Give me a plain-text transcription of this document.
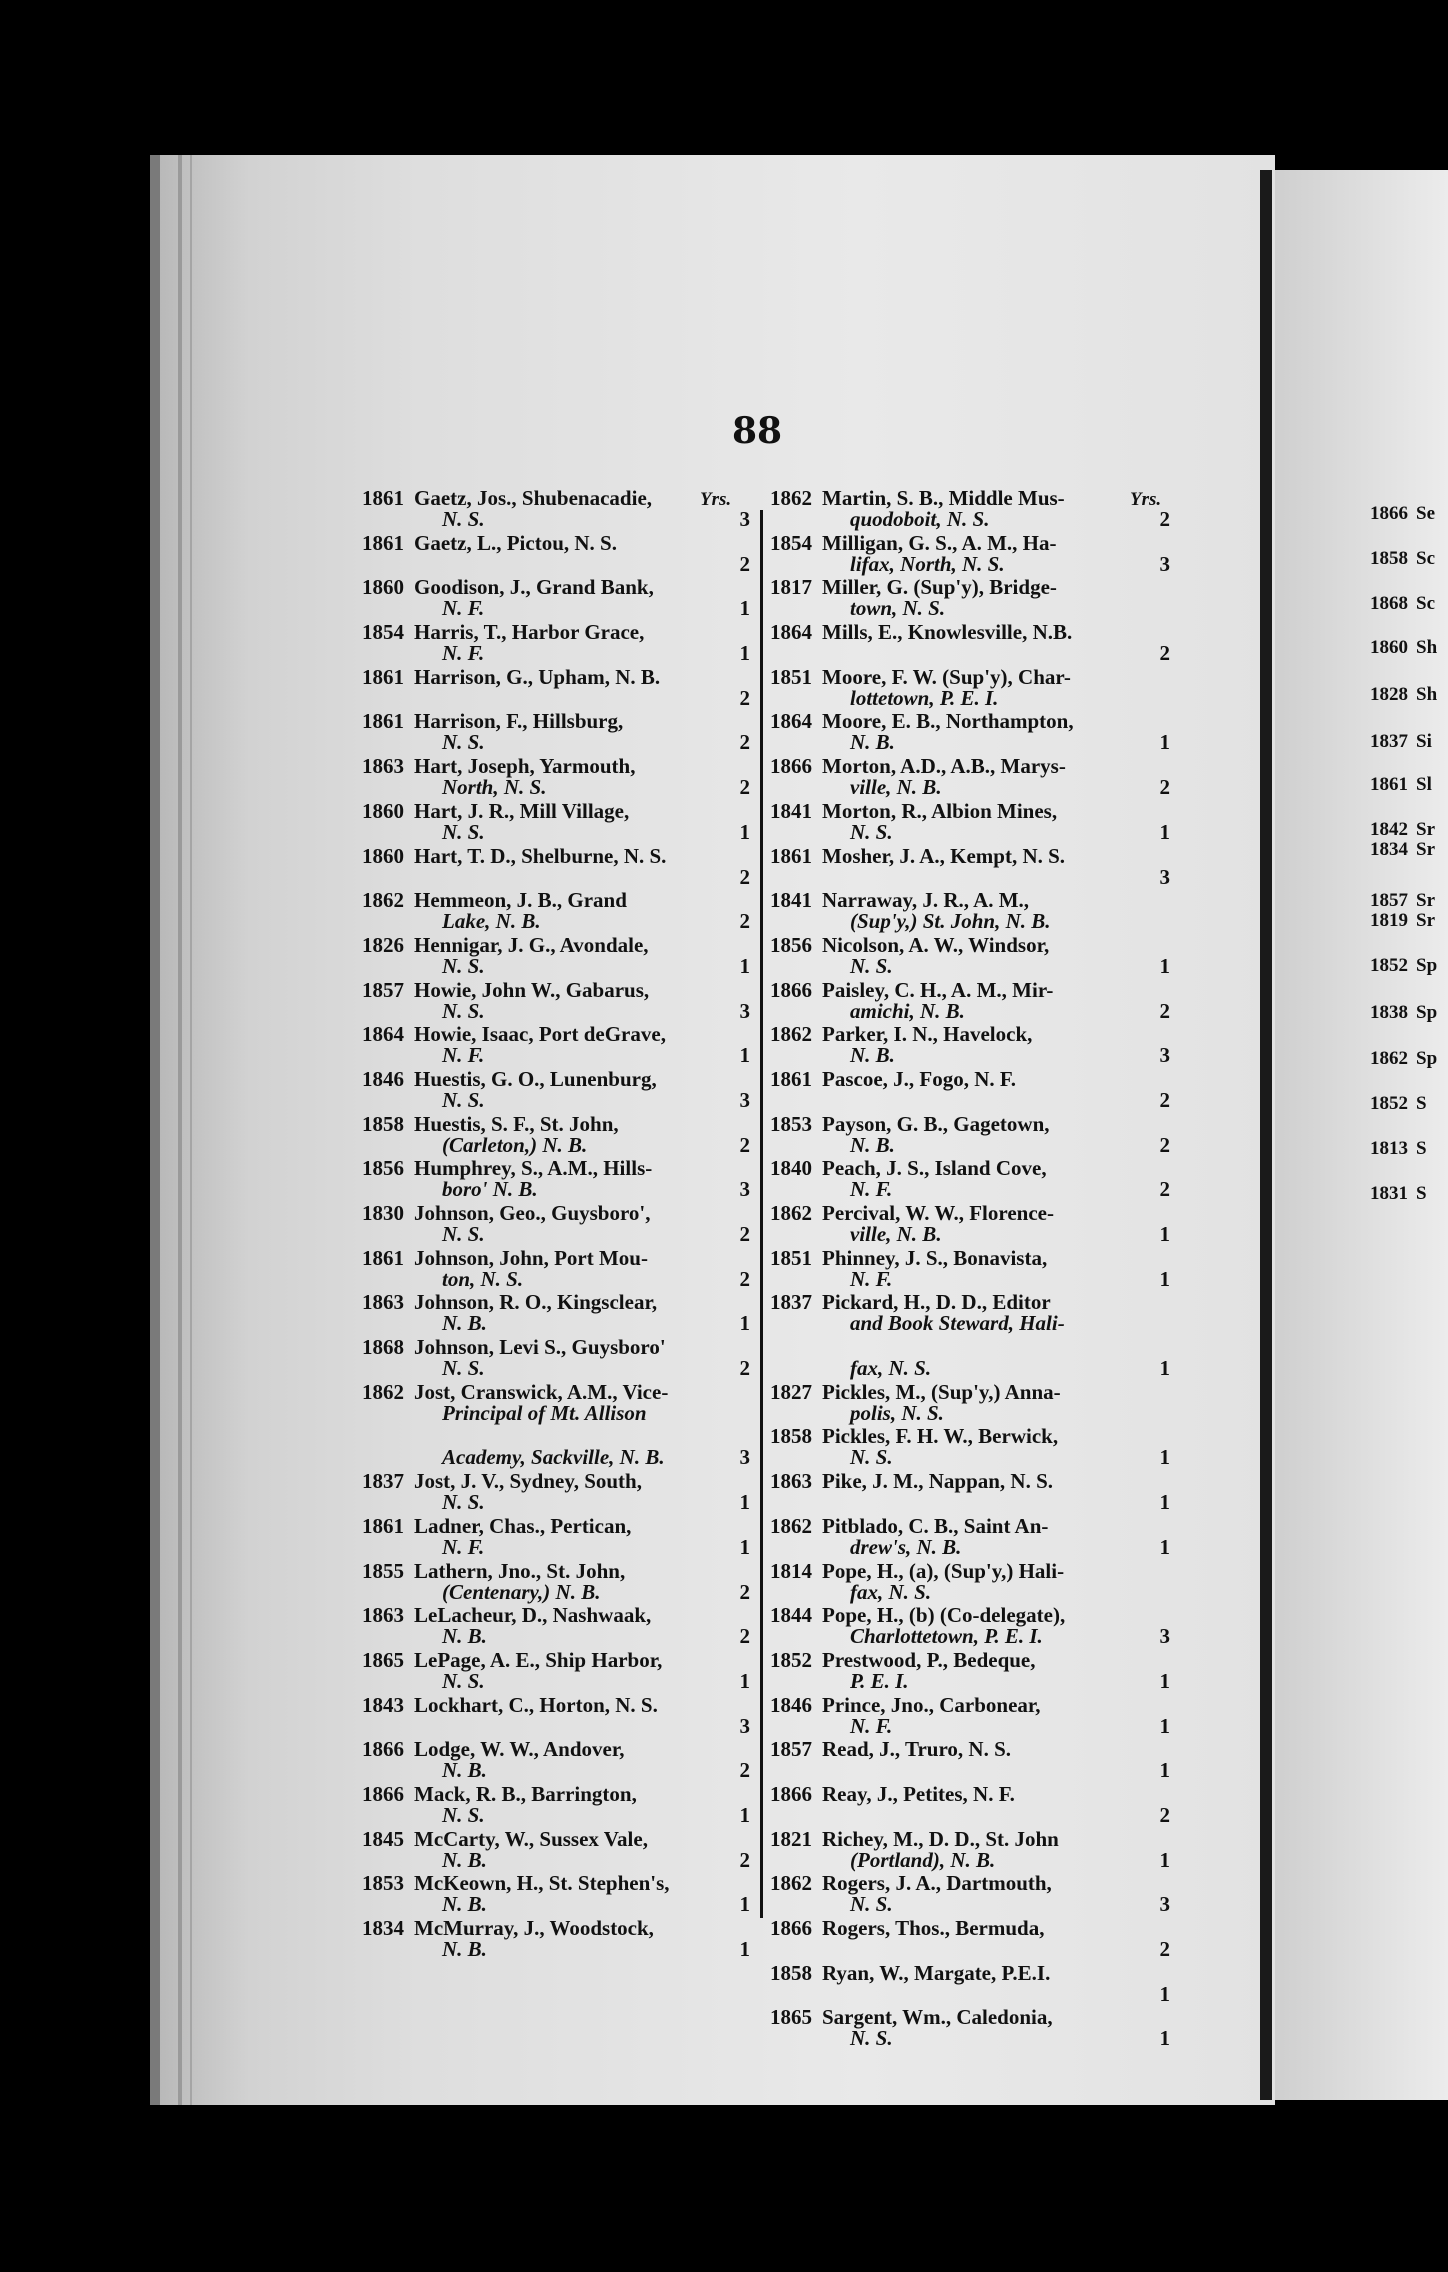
88
Yrs.	Yrs.
1861 Gaetz, Jos., Shubenacadie,
N. S.	3
1861 Gaetz, L., Pictou, N. S.
2
1860 Goodison, J., Grand Bank,
N. F.	1
1854 Harris, T., Harbor Grace,
N. F.	1
1861 Harrison, G., Upham, N. B.
2
1861 Harrison, F., Hillsburg,
N. S.	2
1863 Hart, Joseph, Yarmouth,
North, N. S.	2
1860 Hart, J. R., Mill Village,
N. S.	1
1860 Hart, T. D., Shelburne, N. S.
2
1862 Hemmeon, J. B., Grand
Lake, N. B.	2
1826 Hennigar, J. G., Avondale,
N. S.	1
1857 Howie, John W., Gabarus,
N. S.	3
1864 Howie, Isaac, Port deGrave,
N. F.	1
1846 Huestis, G. O., Lunenburg,
N. S.	3
1858 Huestis, S. F., St. John,
(Carleton,) N. B.	2
1856 Humphrey, S., A.M., Hills-
boro' N. B.	3
1830 Johnson, Geo., Guysboro',
N. S.	2
1861 Johnson, John, Port Mou-
ton, N. S.	2
1863 Johnson, R. O., Kingsclear,
N. B.	1
1868 Johnson, Levi S., Guysboro'
N. S.	2
1862 Jost, Cranswick, A.M., Vice-
Principal of Mt. Allison
Academy, Sackville, N. B.	3
1837 Jost, J. V., Sydney, South,
N. S.	1
1861 Ladner, Chas., Pertican,
N. F.	1
1855 Lathern, Jno., St. John,
(Centenary,) N. B.	2
1863 LeLacheur, D., Nashwaak,
N. B.	2
1865 LePage, A. E., Ship Harbor,
N. S.	1
1843 Lockhart, C., Horton, N. S.
3
1866 Lodge, W. W., Andover,
N. B.	2
1866 Mack, R. B., Barrington,
N. S.	1
1845 McCarty, W., Sussex Vale,
N. B.	2
1853 McKeown, H., St. Stephen's,
N. B.	1
1834 McMurray, J., Woodstock,
N. B.	1
1862 Martin, S. B., Middle Mus-
quodoboit, N. S.	2
1854 Milligan, G. S., A. M., Ha-
lifax, North, N. S.	3
1817 Miller, G. (Sup'y), Bridge-
town, N. S.
1864 Mills, E., Knowlesville, N.B.
2
1851 Moore, F. W. (Sup'y), Char-
lottetown, P. E. I.
1864 Moore, E. B., Northampton,
N. B.	1
1866 Morton, A.D., A.B., Marys-
ville, N. B.	2
1841 Morton, R., Albion Mines,
N. S.	1
1861 Mosher, J. A., Kempt, N. S.
3
1841 Narraway, J. R., A. M.,
(Sup'y,) St. John, N. B.
1856 Nicolson, A. W., Windsor,
N. S.	1
1866 Paisley, C. H., A. M., Mir-
amichi, N. B.	2
1862 Parker, I. N., Havelock,
N. B.	3
1861 Pascoe, J., Fogo, N. F.
2
1853 Payson, G. B., Gagetown,
N. B.	2
1840 Peach, J. S., Island Cove,
N. F.	2
1862 Percival, W. W., Florence-
ville, N. B.	1
1851 Phinney, J. S., Bonavista,
N. F.	1
1837 Pickard, H., D. D., Editor
and Book Steward, Hali-
fax, N. S.	1
1827 Pickles, M., (Sup'y,) Anna-
polis, N. S.
1858 Pickles, F. H. W., Berwick,
N. S.	1
1863 Pike, J. M., Nappan, N. S.
1
1862 Pitblado, C. B., Saint An-
drew's, N. B.	1
1814 Pope, H., (a), (Sup'y,) Hali-
fax, N. S.
1844 Pope, H., (b) (Co-delegate),
Charlottetown, P. E. I.	3
1852 Prestwood, P., Bedeque,
P. E. I.	1
1846 Prince, Jno., Carbonear,
N. F.	1
1857 Read, J., Truro, N. S.
1
1866 Reay, J., Petites, N. F.
2
1821 Richey, M., D. D., St. John
(Portland), N. B.	1
1862 Rogers, J. A., Dartmouth,
N. S.	3
1866 Rogers, Thos., Bermuda,
2
1858 Ryan, W., Margate, P.E.I.
1
1865 Sargent, Wm., Caledonia,
N. S.	1
1866 Se
1858 Sc
1868 Sc
1860 Sh
1828 Sh
1837 Si
1861 Sl
1842 Sr
1834 Sr
1857 Sr
1819 Sr
1852 Sp
1838 Sp
1862 Sp
1852 S
1813 S
1831 S
